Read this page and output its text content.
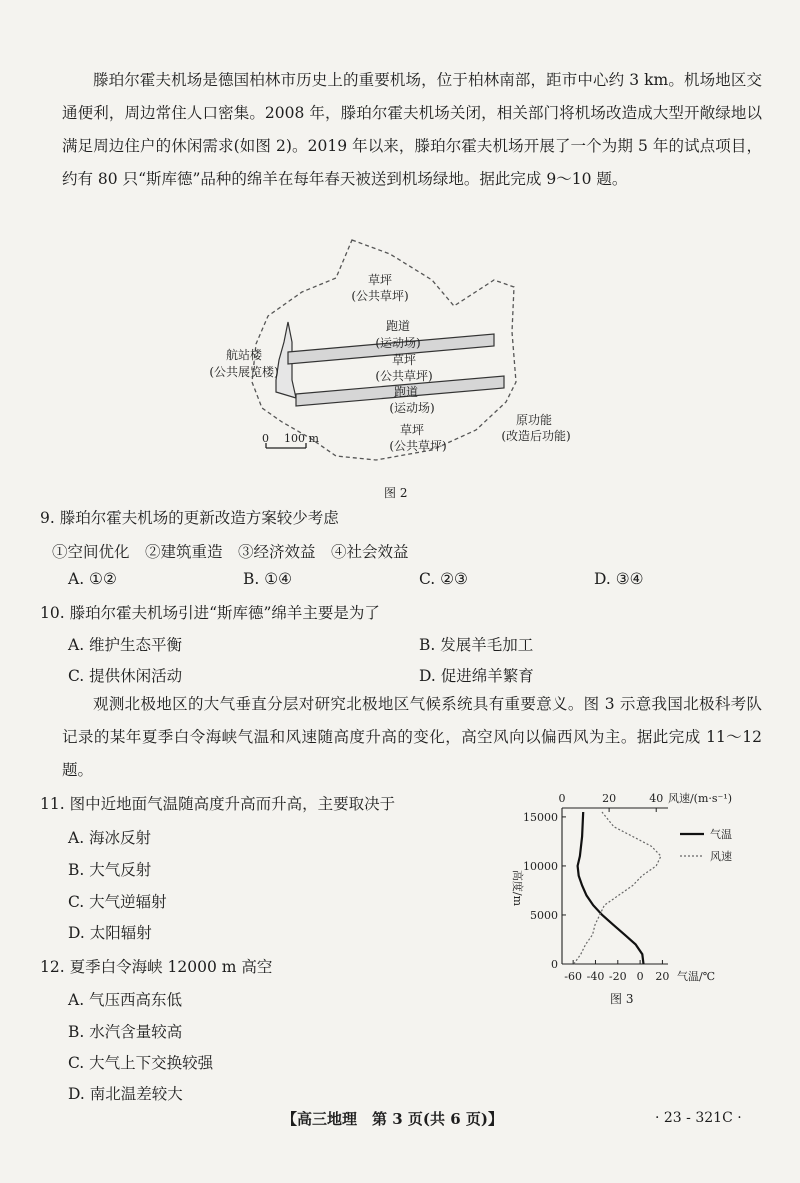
滕珀尔霍夫机场是德国柏林市历史上的重要机场，位于柏林南部，距市中心约 3 km。机场地区交通便利，周边常住人口密集。2008 年，滕珀尔霍夫机场关闭，相关部门将机场改造成大型开敞绿地以满足周边住户的休闲需求(如图 2)。2019 年以来，滕珀尔霍夫机场开展了一个为期 5 年的试点项目，约有 80 只“斯库德”品种的绵羊在每年春天被送到机场绿地。据此完成 9～10 题。

草坪
(公共草坪)
跑道
(运动场)
草坪
(公共草坪)
跑道
(运动场)
草坪
(公共草坪)
航站楼
(公共展览楼)
0 100 m
原功能
(改造后功能)
图 2
9. 滕珀尔霍夫机场的更新改造方案较少考虑
①空间优化　②建筑重造　③经济效益　④社会效益
A. ①②	B. ①④	C. ②③	D. ③④
10. 滕珀尔霍夫机场引进“斯库德”绵羊主要是为了
A. 维护生态平衡	B. 发展羊毛加工
C. 提供休闲活动	D. 促进绵羊繁育

观测北极地区的大气垂直分层对研究北极地区气候系统具有重要意义。图 3 示意我国北极科考队记录的某年夏季白令海峡气温和风速随高度升高的变化，高空风向以偏西风为主。据此完成 11～12 题。

11. 图中近地面气温随高度升高而升高，主要取决于
A. 海冰反射
B. 大气反射
C. 大气逆辐射
D. 太阳辐射
12. 夏季白令海峡 12000 m 高空
A. 气压西高东低
B. 水汽含量较高
C. 大气上下交换较强
D. 南北温差较大
0
5000
10000
15000
-60 -40 -20 0 20
0	20	40 风速/(m·s⁻¹)
气温/℃
高度/m
气温
风速
图 3
【高三地理　第 3 页(共 6 页)】	· 23 - 321C ·
